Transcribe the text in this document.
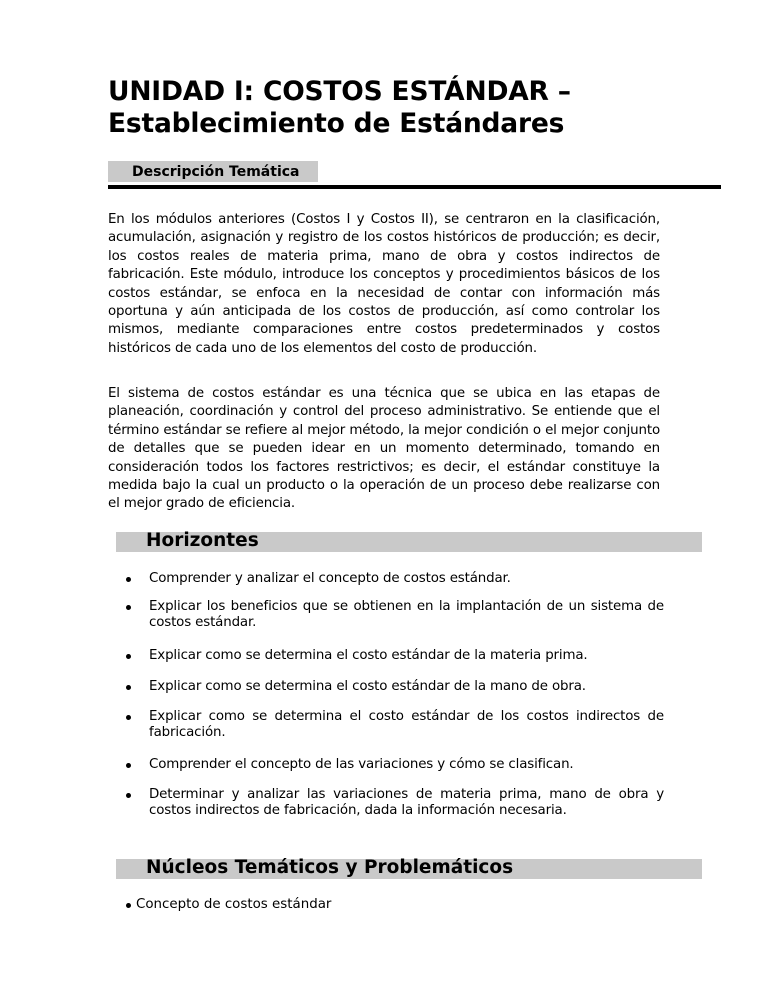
UNIDAD I: COSTOS ESTÁNDAR –
Establecimiento de Estándares
Descripción Temática

En los módulos anteriores (Costos I y Costos II), se centraron en la clasificación, acumulación, asignación y registro de los costos históricos de producción; es decir, los costos reales de materia prima, mano de obra y costos indirectos de fabricación. Este módulo, introduce los conceptos y procedimientos básicos de los costos estándar, se enfoca en la necesidad de contar con información más oportuna y aún anticipada de los costos de producción, así como controlar los mismos, mediante comparaciones entre costos predeterminados y costos históricos de cada uno de los elementos del costo de producción.

El sistema de costos estándar es una técnica que se ubica en las etapas de planeación, coordinación y control del proceso administrativo. Se entiende que el término estándar se refiere al mejor método, la mejor condición o el mejor conjunto de detalles que se pueden idear en un momento determinado, tomando en consideración todos los factores restrictivos; es decir, el estándar constituye la medida bajo la cual un producto o la operación de un proceso debe realizarse con el mejor grado de eficiencia.

Horizontes
Comprender y analizar el concepto de costos estándar.
Explicar los beneficios que se obtienen en la implantación de un sistema de costos estándar.
Explicar como se determina el costo estándar de la materia prima.
Explicar como se determina el costo estándar de la mano de obra.
Explicar como se determina el costo estándar de los costos indirectos de fabricación.
Comprender el concepto de las variaciones y cómo se clasifican.
Determinar y analizar las variaciones de materia prima, mano de obra y costos indirectos de fabricación, dada la información necesaria.
Núcleos Temáticos y Problemáticos
Concepto de costos estándar
